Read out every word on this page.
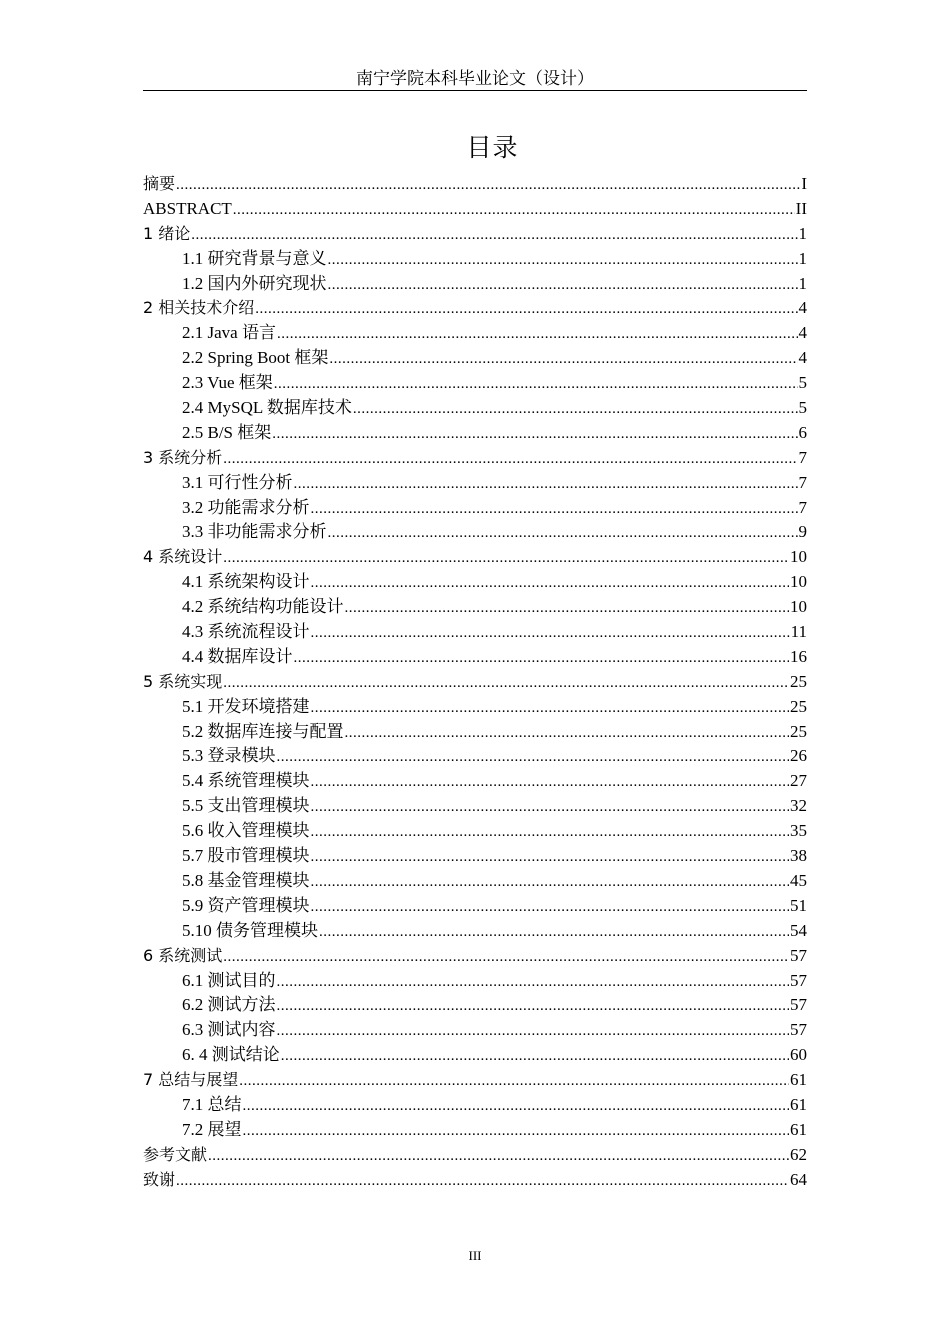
南宁学院本科毕业论文（设计）
目录
摘要 .....	I
ABSTRACT .....	II
1 绪论 .....	1
1.1 研究背景与意义 .....	1
1.2 国内外研究现状 .....	1
2 相关技术介绍 .....	4
2.1 Java 语言 .....	4
2.2 Spring Boot 框架 .....	4
2.3 Vue 框架 .....	5
2.4 MySQL 数据库技术 .....	5
2.5 B/S 框架 .....	6
3 系统分析 .....	7
3.1 可行性分析 .....	7
3.2 功能需求分析 .....	7
3.3 非功能需求分析 .....	9
4 系统设计 .....	10
4.1 系统架构设计 .....	10
4.2 系统结构功能设计 .....	10
4.3 系统流程设计 .....	11
4.4 数据库设计 .....	16
5 系统实现 .....	25
5.1 开发环境搭建 .....	25
5.2 数据库连接与配置 .....	25
5.3 登录模块 .....	26
5.4 系统管理模块 .....	27
5.5 支出管理模块 .....	32
5.6 收入管理模块 .....	35
5.7 股市管理模块 .....	38
5.8 基金管理模块 .....	45
5.9 资产管理模块 .....	51
5.10 债务管理模块 .....	54
6 系统测试 .....	57
6.1 测试目的 .....	57
6.2 测试方法 .....	57
6.3 测试内容 .....	57
6. 4 测试结论 .....	60
7 总结与展望 .....	61
7.1 总结 .....	61
7.2 展望 .....	61
参考文献 .....	62
致谢 .....	64
III
